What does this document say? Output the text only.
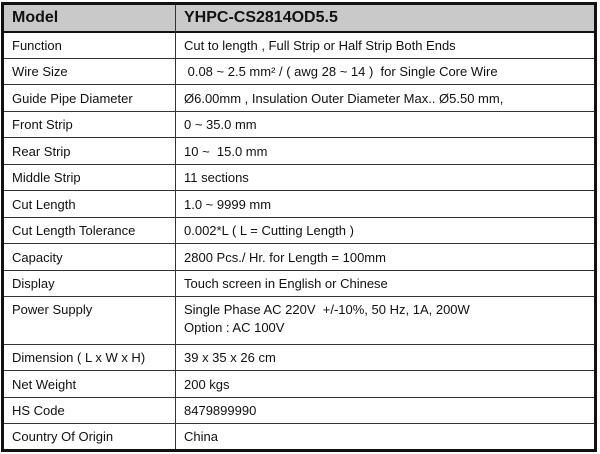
Model	YHPC-CS2814OD5.5
Function	Cut to length , Full Strip or Half Strip Both Ends
Wire Size	0.08 ~ 2.5 mm² / ( awg 28 ~ 14 )  for Single Core Wire
Guide Pipe Diameter	Ø6.00mm , Insulation Outer Diameter Max.. Ø5.50 mm,
Front Strip	0 ~ 35.0 mm
Rear Strip	10 ~  15.0 mm
Middle Strip	11 sections
Cut Length	1.0 ~ 9999 mm
Cut Length Tolerance	0.002*L ( L = Cutting Length )
Capacity	2800 Pcs./ Hr. for Length = 100mm
Display	Touch screen in English or Chinese
Power Supply	Single Phase AC 220V  +/-10%, 50 Hz, 1A, 200W
Option : AC 100V
Dimension ( L x W x H)	39 x 35 x 26 cm
Net Weight	200 kgs
HS Code	8479899990
Country Of Origin	China
